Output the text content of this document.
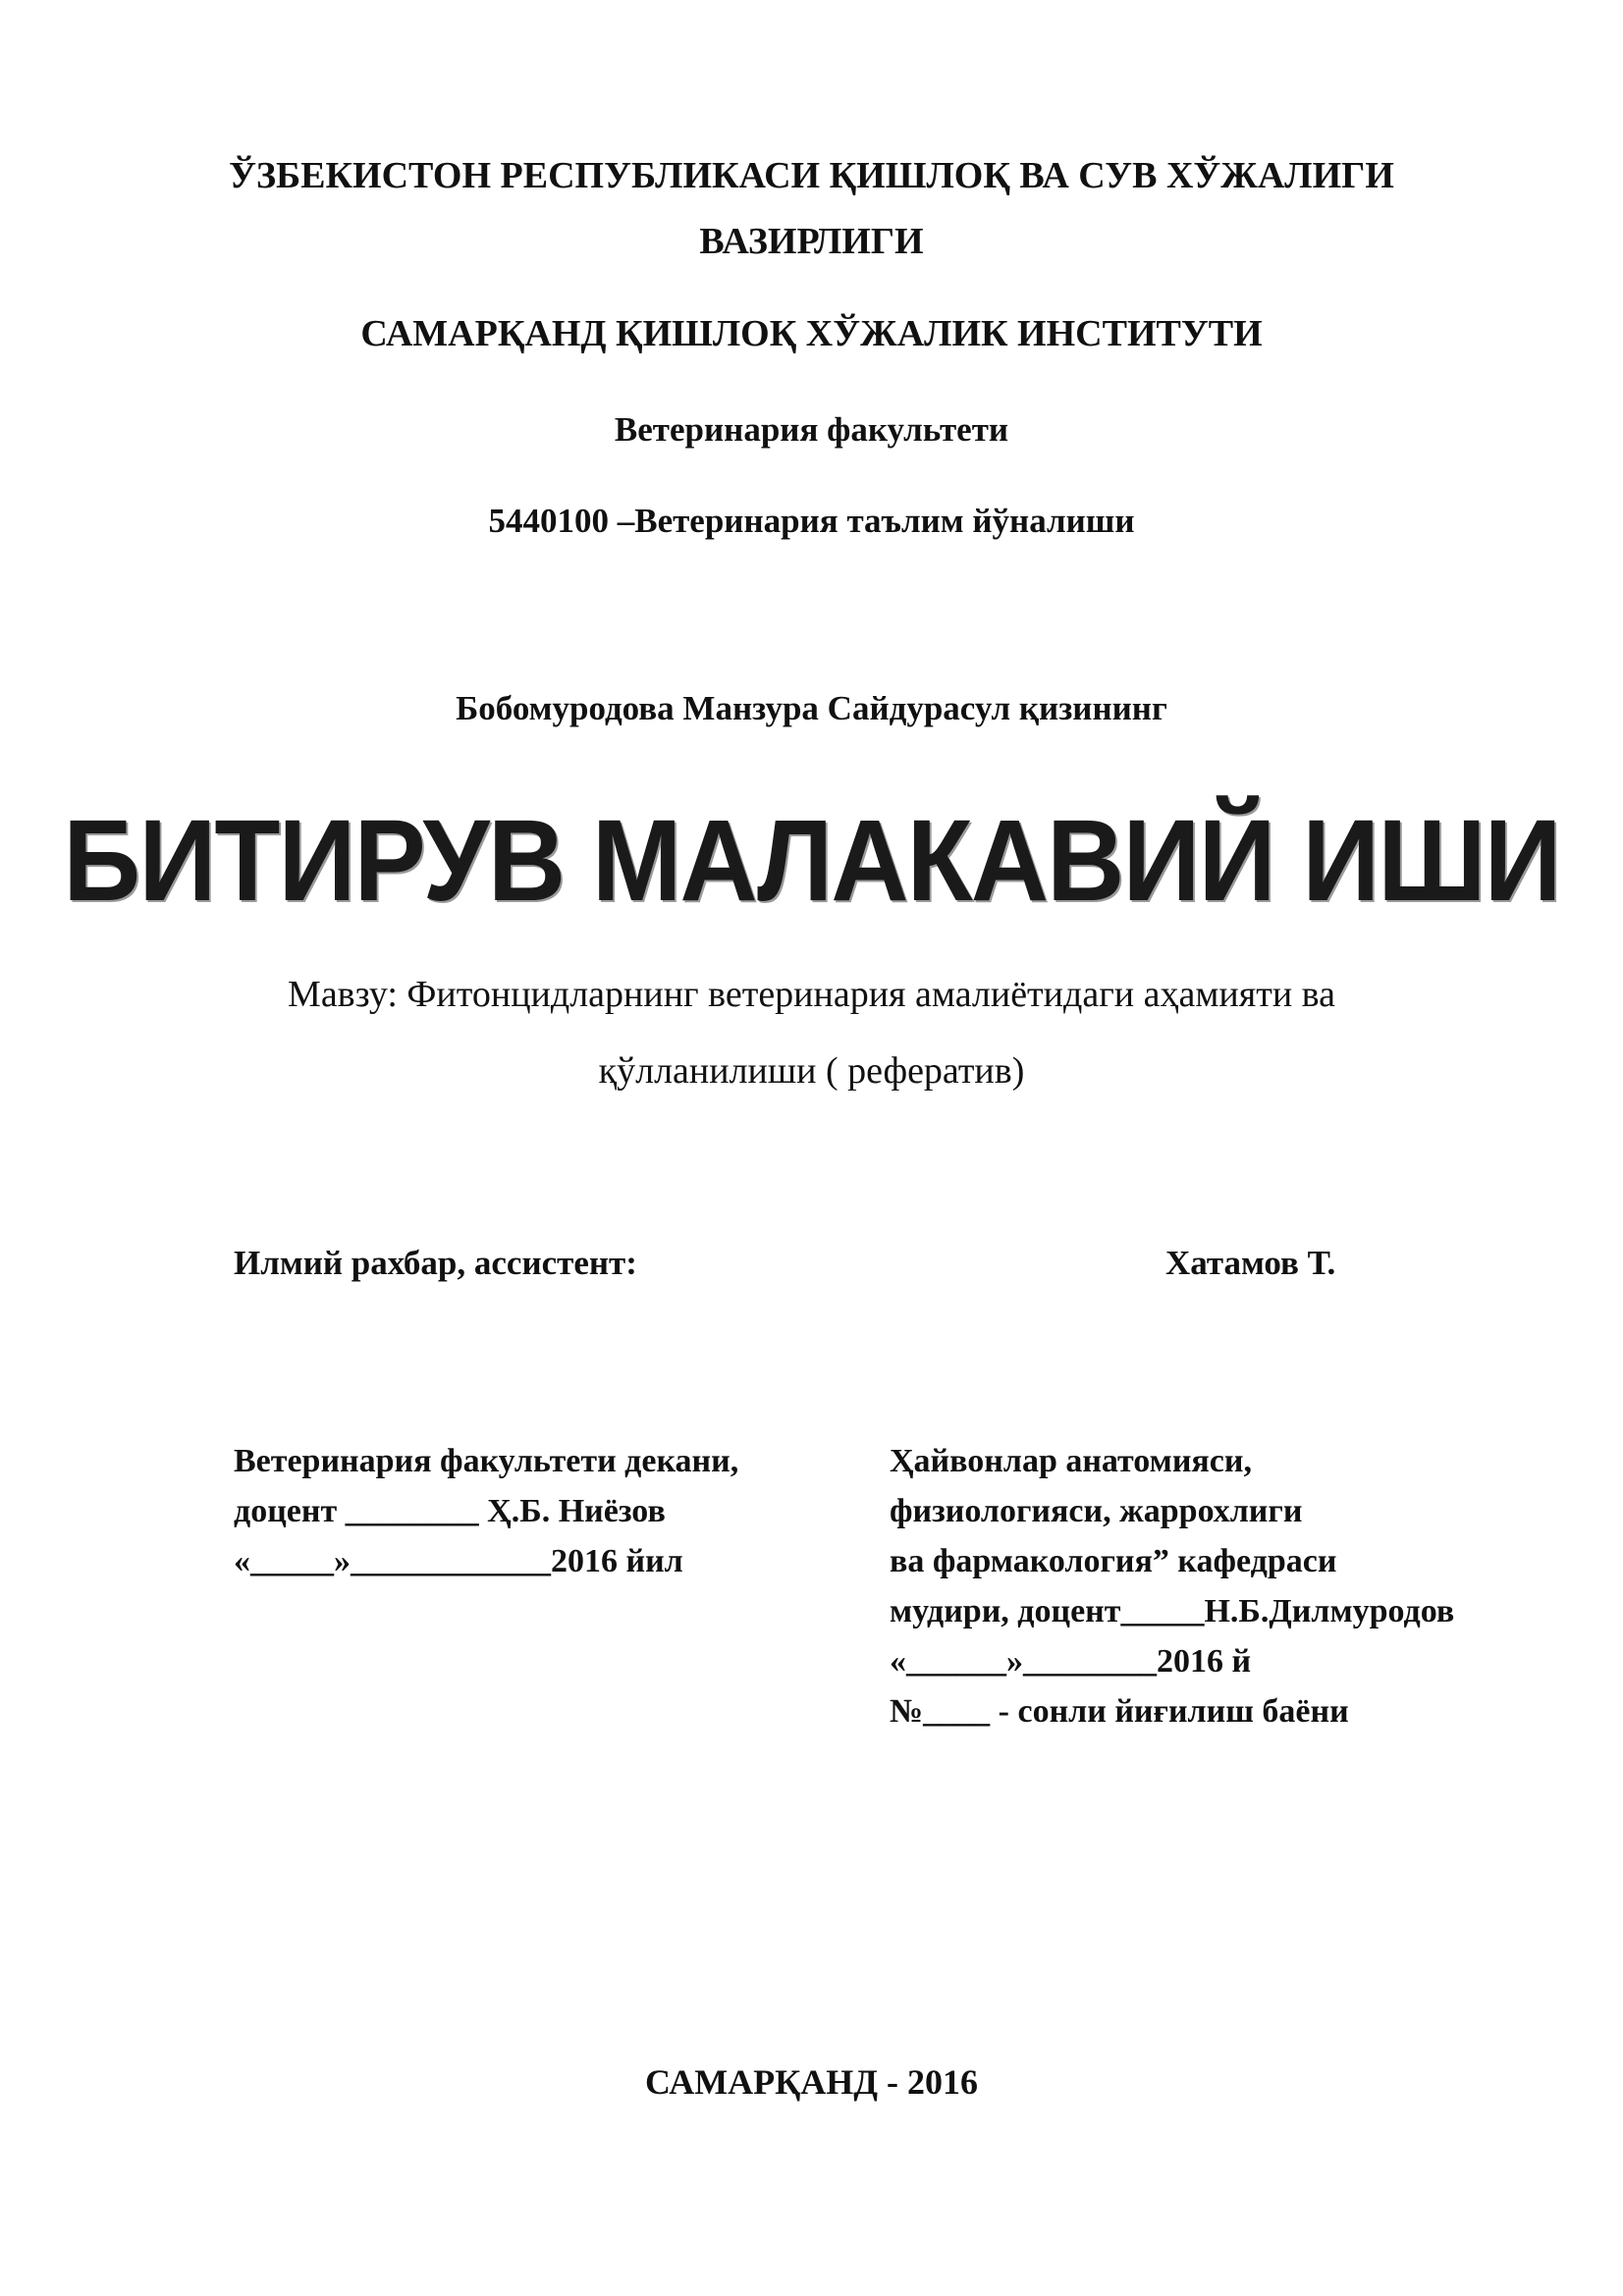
ЎЗБЕКИСТОН РЕСПУБЛИКАСИ ҚИШЛОҚ ВА СУВ ХЎЖАЛИГИ
ВАЗИРЛИГИ
САМАРҚАНД ҚИШЛОҚ ХЎЖАЛИК ИНСТИТУТИ
Ветеринария факультети
5440100 –Ветеринария таълим йўналиши
Бобомуродова Манзура Сайдурасул қизининг
БИТИРУВ МАЛАКАВИЙ ИШИ
Мавзу: Фитонцидларнинг ветеринария амалиётидаги аҳамияти ва
қўлланилиши ( рефератив)
Илмий рахбар, ассистент:	Хатамов Т.
Ветеринария факультети декани,
доцент ________ Ҳ.Б. Ниёзов
«_____»____________2016 йил
Ҳайвонлар анатомияси,
физиологияси, жаррохлиги
ва фармакология” кафедраси
мудири, доцент_____Н.Б.Дилмуродов
«______»________2016 й
№____ - сонли йиғилиш баёни
САМАРҚАНД - 2016
